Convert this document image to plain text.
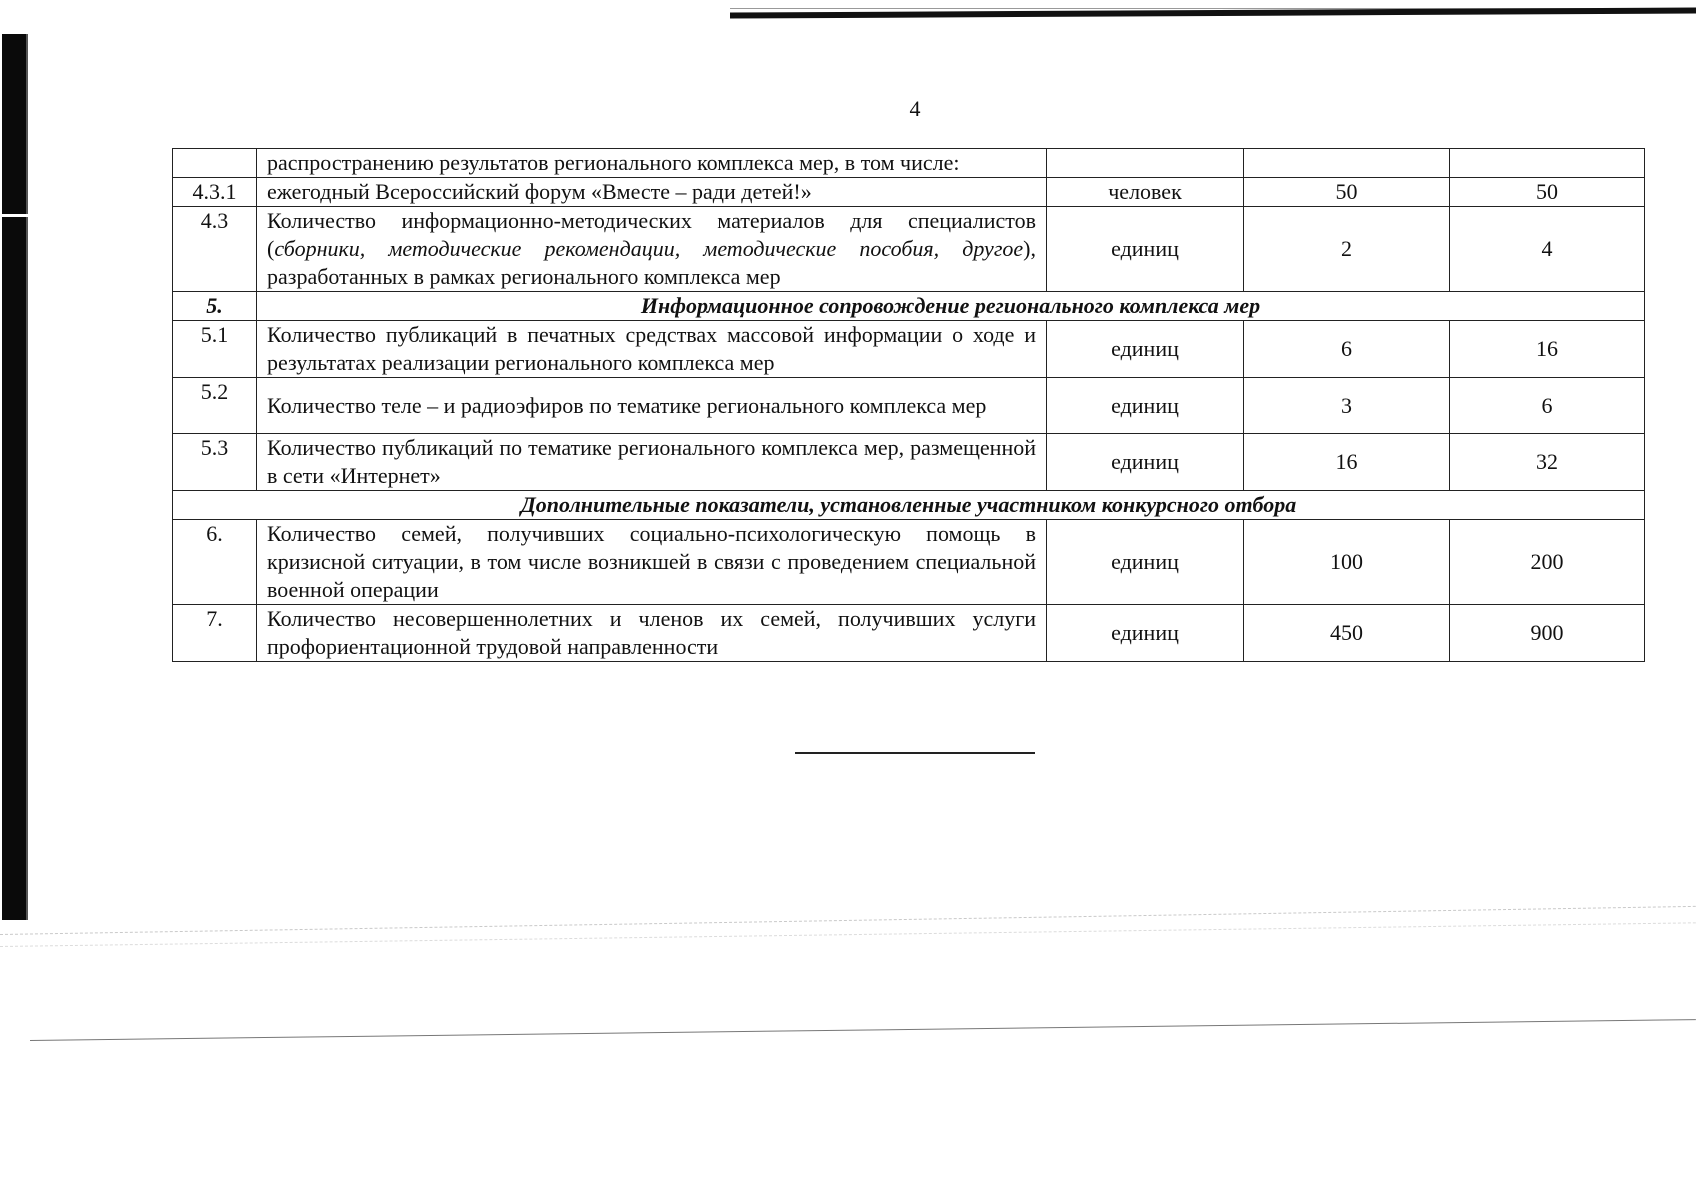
4
	распространению результатов регионального комплекса мер, в том числе:			
4.3.1	ежегодный Всероссийский форум «Вместе – ради детей!»	человек	50	50
4.3	Количество информационно-методических материалов для специалистов (сборники, методические рекомендации, методические пособия, другое), разработанных в рамках регионального комплекса мер	единиц	2	4
5.	Информационное сопровождение регионального комплекса мер			
5.1	Количество публикаций в печатных средствах массовой информации о ходе и результатах реализации регионального комплекса мер	единиц	6	16
5.2	Количество теле – и радиоэфиров по тематике регионального комплекса мер	единиц	3	6
5.3	Количество публикаций по тематике регионального комплекса мер, размещенной в сети «Интернет»	единиц	16	32
Дополнительные показатели, установленные участником конкурсного отбора				
6.	Количество семей, получивших социально-психологическую помощь в кризисной ситуации, в том числе возникшей в связи с проведением специальной военной операции	единиц	100	200
7.	Количество несовершеннолетних и членов их семей, получивших услуги профориентационной трудовой направленности	единиц	450	900
